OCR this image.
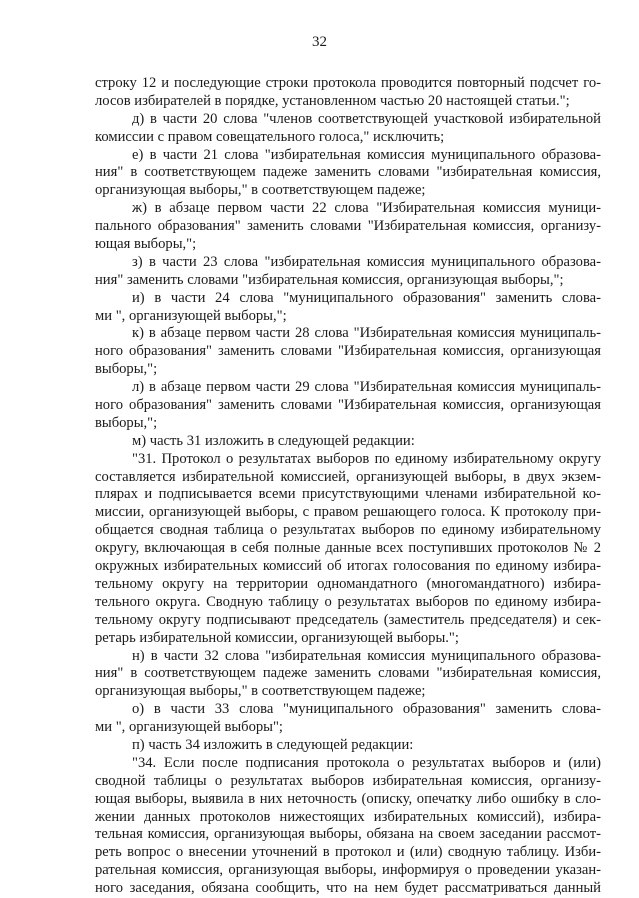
32
строку 12 и последующие строки протокола проводится повторный подсчет го-
лосов избирателей в порядке, установленном частью 20 настоящей статьи.";
д) в части 20 слова "членов соответствующей участковой избирательной
комиссии с правом совещательного голоса," исключить;
е) в части 21 слова "избирательная комиссия муниципального образова-
ния" в соответствующем падеже заменить словами "избирательная комиссия,
организующая выборы," в соответствующем падеже;
ж) в абзаце первом части 22 слова "Избирательная комиссия муници-
пального образования" заменить словами "Избирательная комиссия, организу-
ющая выборы,";
з) в части 23 слова "избирательная комиссия муниципального образова-
ния" заменить словами "избирательная комиссия, организующая выборы,";
и) в части 24 слова "муниципального образования" заменить слова-
ми ", организующей выборы,";
к) в абзаце первом части 28 слова "Избирательная комиссия муниципаль-
ного образования" заменить словами "Избирательная комиссия, организующая
выборы,";
л) в абзаце первом части 29 слова "Избирательная комиссия муниципаль-
ного образования" заменить словами "Избирательная комиссия, организующая
выборы,";
м) часть 31 изложить в следующей редакции:
"31. Протокол о результатах выборов по единому избирательному округу
составляется избирательной комиссией, организующей выборы, в двух экзем-
плярах и подписывается всеми присутствующими членами избирательной ко-
миссии, организующей выборы, с правом решающего голоса. К протоколу при-
общается сводная таблица о результатах выборов по единому избирательному
округу, включающая в себя полные данные всех поступивших протоколов № 2
окружных избирательных комиссий об итогах голосования по единому избира-
тельному округу на территории одномандатного (многомандатного) избира-
тельного округа. Сводную таблицу о результатах выборов по единому избира-
тельному округу подписывают председатель (заместитель председателя) и сек-
ретарь избирательной комиссии, организующей выборы.";
н) в части 32 слова "избирательная комиссия муниципального образова-
ния" в соответствующем падеже заменить словами "избирательная комиссия,
организующая выборы," в соответствующем падеже;
о) в части 33 слова "муниципального образования" заменить слова-
ми ", организующей выборы";
п) часть 34 изложить в следующей редакции:
"34. Если после подписания протокола о результатах выборов и (или)
сводной таблицы о результатах выборов избирательная комиссия, организу-
ющая выборы, выявила в них неточность (описку, опечатку либо ошибку в сло-
жении данных протоколов нижестоящих избирательных комиссий), избира-
тельная комиссия, организующая выборы, обязана на своем заседании рассмот-
реть вопрос о внесении уточнений в протокол и (или) сводную таблицу. Изби-
рательная комиссия, организующая выборы, информируя о проведении указан-
ного заседания, обязана сообщить, что на нем будет рассматриваться данный
